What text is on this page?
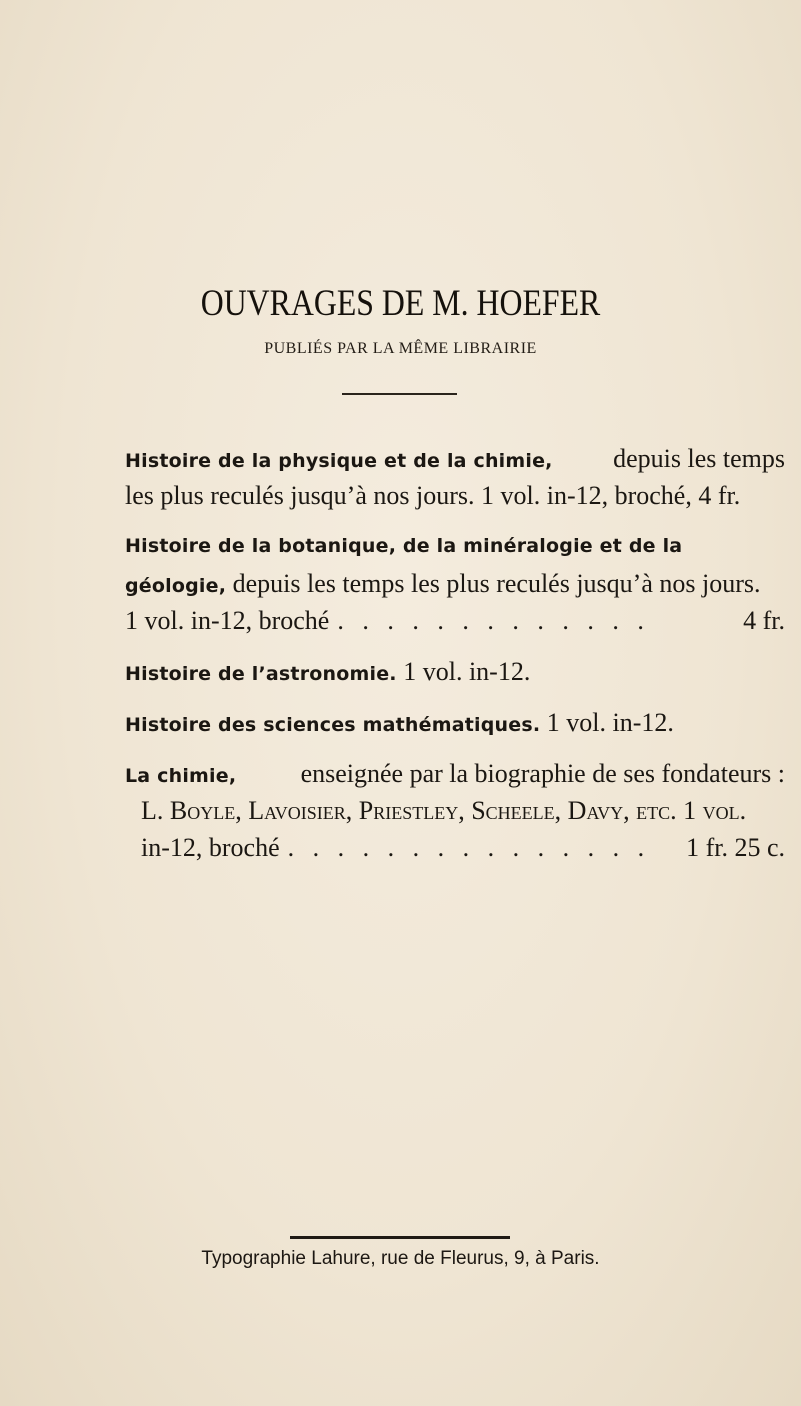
OUVRAGES DE M. HOEFER
PUBLIÉS PAR LA MÊME LIBRAIRIE
Histoire de la physique et de la chimie,
depuis les temps
les plus reculés jusqu’à nos jours. 1 vol. in-12, broché, 4 fr.
Histoire de la botanique, de la minéralogie et de la
géologie,
depuis les temps les plus reculés jusqu’à nos jours.
1 vol. in-12, broché . . . . . . . . . . . . .	4 fr.
Histoire de l’astronomie.
1 vol. in-12.
Histoire des sciences mathématiques.
1 vol. in-12.
La chimie,
enseignée par la biographie de ses fondateurs :
L. Boyle, Lavoisier, Priestley, Scheele, Davy, etc. 1 vol.
in-12, broché . . . . . . . . . . . . . . .	1 fr. 25 c.
Typographie Lahure, rue de Fleurus, 9, à Paris.
